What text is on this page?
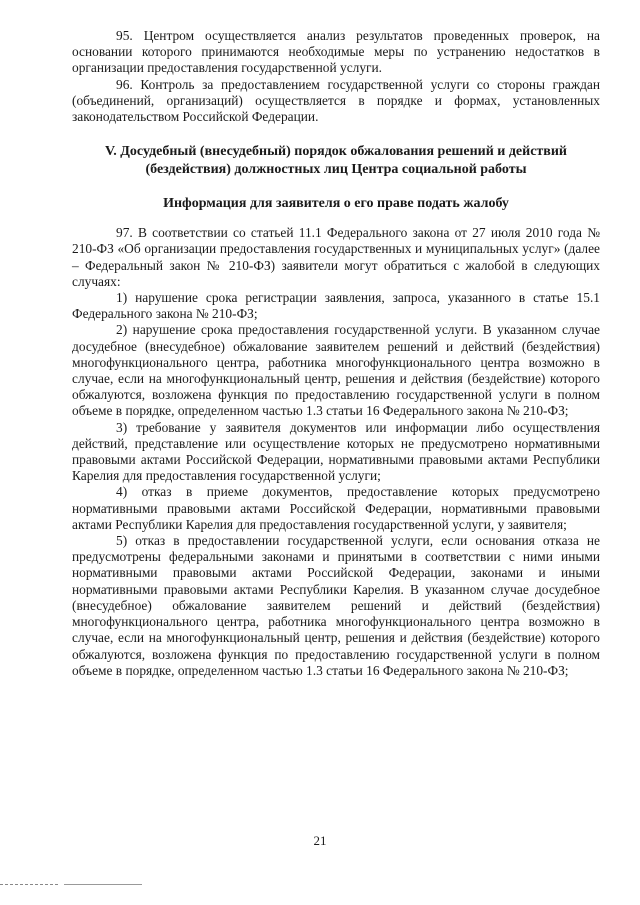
95. Центром осуществляется анализ результатов проведенных проверок, на основании которого принимаются необходимые меры по устранению недостатков в организации предоставления государственной услуги.

96. Контроль за предоставлением государственной услуги со стороны граждан (объединений, организаций) осуществляется в порядке и формах, установленных законодательством Российской Федерации.

V. Досудебный (внесудебный) порядок обжалования решений и действий (бездействия) должностных лиц Центра социальной работы
Информация для заявителя о его праве подать жалобу

97. В соответствии со статьей 11.1 Федерального закона от 27 июля 2010 года № 210-ФЗ «Об организации предоставления государственных и муниципальных услуг» (далее – Федеральный закон № 210-ФЗ) заявители могут обратиться с жалобой в следующих случаях:

1) нарушение срока регистрации заявления, запроса, указанного в статье 15.1 Федерального закона № 210-ФЗ;

2) нарушение срока предоставления государственной услуги. В указанном случае досудебное (внесудебное) обжалование заявителем решений и действий (бездействия) многофункционального центра, работника многофункционального центра возможно в случае, если на многофункциональный центр, решения и действия (бездействие) которого обжалуются, возложена функция по предоставлению государственной услуги в полном объеме в порядке, определенном частью 1.3 статьи 16 Федерального закона № 210-ФЗ;

3) требование у заявителя документов или информации либо осуществления действий, представление или осуществление которых не предусмотрено нормативными правовыми актами Российской Федерации, нормативными правовыми актами Республики Карелия для предоставления государственной услуги;

4) отказ в приеме документов, предоставление которых предусмотрено нормативными правовыми актами Российской Федерации, нормативными правовыми актами Республики Карелия для предоставления государственной услуги, у заявителя;

5) отказ в предоставлении государственной услуги, если основания отказа не предусмотрены федеральными законами и принятыми в соответствии с ними иными нормативными правовыми актами Российской Федерации, законами и иными нормативными правовыми актами Республики Карелия. В указанном случае досудебное (внесудебное) обжалование заявителем решений и действий (бездействия) многофункционального центра, работника многофункционального центра возможно в случае, если на многофункциональный центр, решения и действия (бездействие) которого обжалуются, возложена функция по предоставлению государственной услуги в полном объеме в порядке, определенном частью 1.3 статьи 16 Федерального закона № 210-ФЗ;

21
